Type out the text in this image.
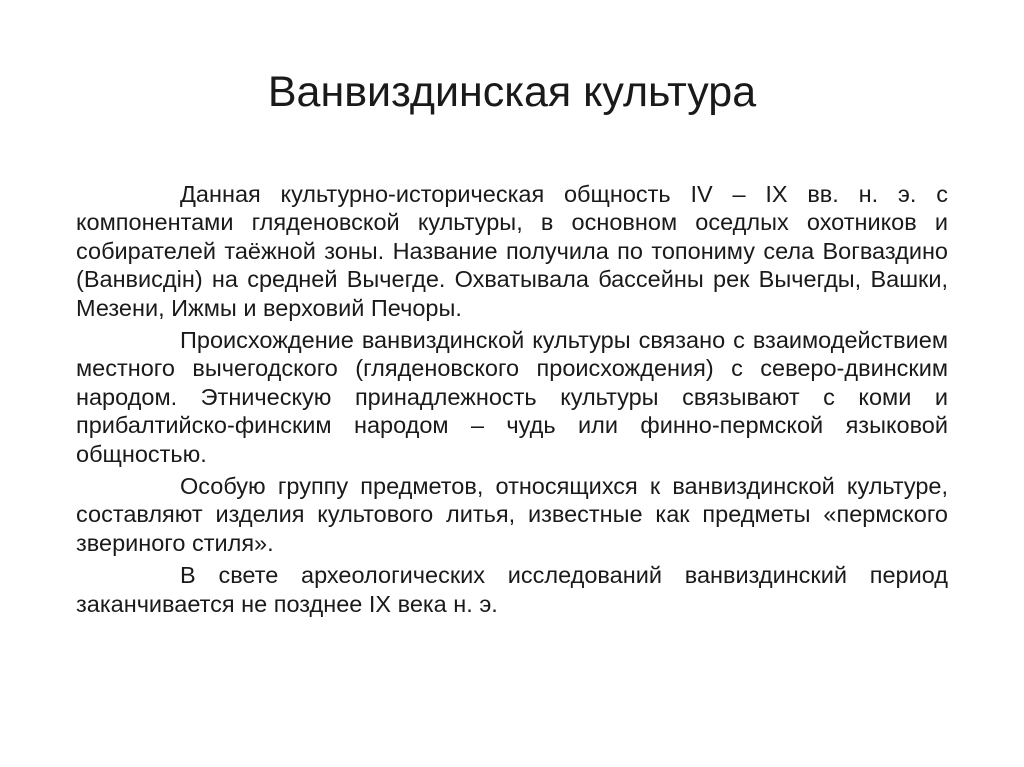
Ванвиздинская культура

Данная культурно-историческая общность IV – IX вв. н. э. с компонентами гляденовской культуры, в основном оседлых охотников и собирателей таёжной зоны. Название получила по топониму села Вогваздино (Ванвисдiн) на средней Вычегде. Охватывала бассейны рек Вычегды, Вашки, Мезени, Ижмы и верховий Печоры.

Происхождение ванвиздинской культуры связано с взаимодействием местного вычегодского (гляденовского происхождения) с северо-двинским народом. Этническую принадлежность культуры связывают с коми и прибалтийско-финским народом – чудь или финно-пермской языковой общностью.

Особую группу предметов, относящихся к ванвиздинской культуре, составляют изделия культового литья, известные как предметы «пермского звериного стиля».

В свете археологических исследований ванвиздинский период заканчивается не позднее IX века н. э.
